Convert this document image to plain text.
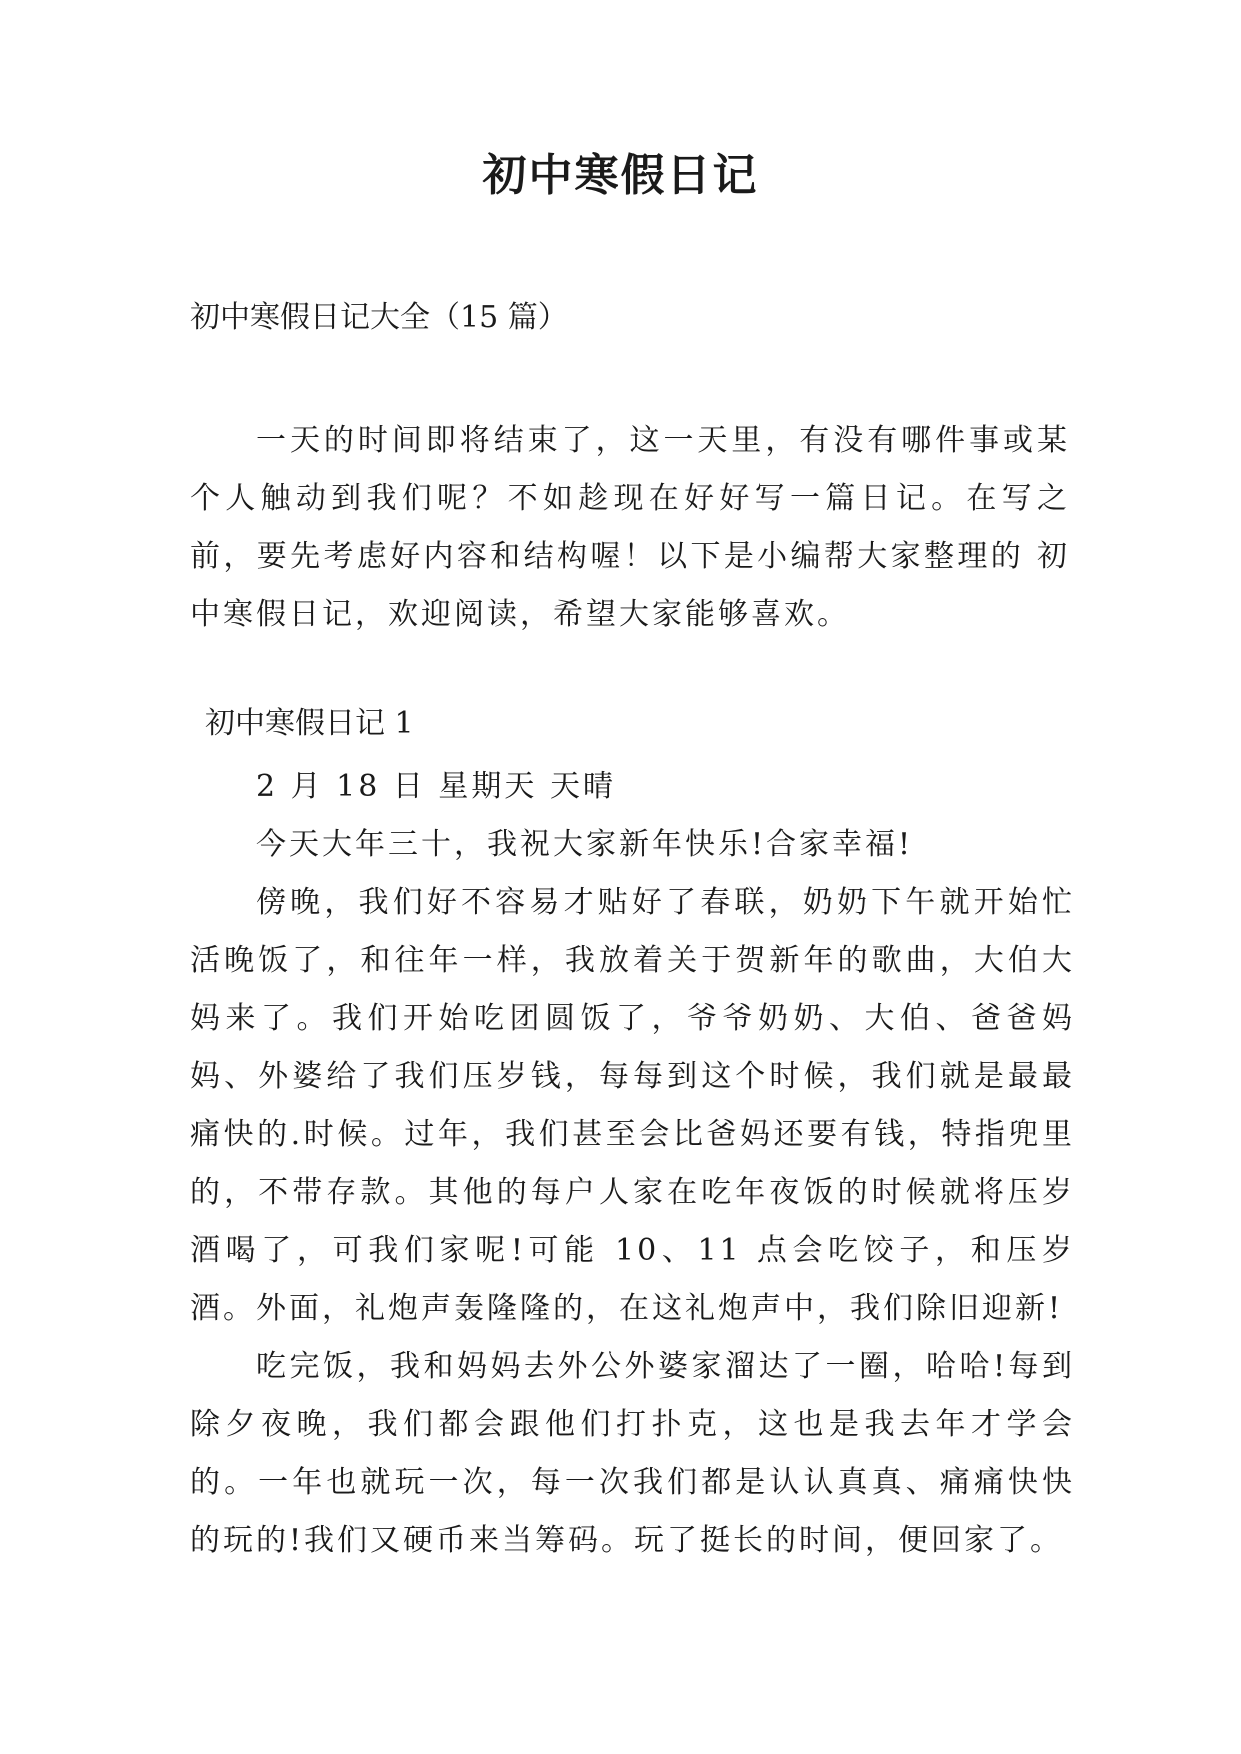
初中寒假日记
初中寒假日记大全（15 篇）

一天的时间即将结束了，这一天里，有没有哪件事或某个人触动到我们呢？不如趁现在好好写一篇日记。在写之前，要先考虑好内容和结构喔！以下是小编帮大家整理的 初中寒假日记，欢迎阅读，希望大家能够喜欢。

初中寒假日记 1

2 月 18 日 星期天 天晴

今天大年三十，我祝大家新年快乐!合家幸福!

傍晚，我们好不容易才贴好了春联，奶奶下午就开始忙活晚饭了，和往年一样，我放着关于贺新年的歌曲，大伯大妈来了。我们开始吃团圆饭了，爷爷奶奶、大伯、爸爸妈妈、外婆给了我们压岁钱，每每到这个时候，我们就是最最痛快的.时候。过年，我们甚至会比爸妈还要有钱，特指兜里的，不带存款。其他的每户人家在吃年夜饭的时候就将压岁酒喝了，可我们家呢!可能 10、11 点会吃饺子，和压岁酒。外面，礼炮声轰隆隆的，在这礼炮声中，我们除旧迎新!

吃完饭，我和妈妈去外公外婆家溜达了一圈，哈哈!每到除夕夜晚，我们都会跟他们打扑克，这也是我去年才学会的。一年也就玩一次，每一次我们都是认认真真、痛痛快快的玩的!我们又硬币来当筹码。玩了挺长的时间，便回家了。
